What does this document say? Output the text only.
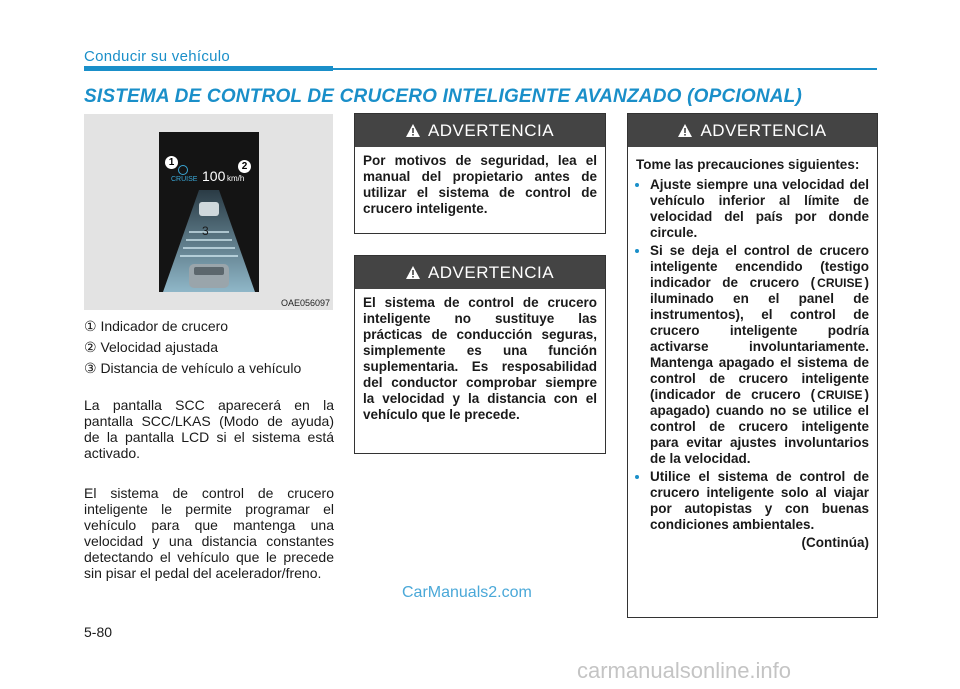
Conducir su vehículo
SISTEMA DE CONTROL DE CRUCERO INTELIGENTE AVANZADO (OPCIONAL)
CRUISE 100 km/h
1	2
3
OAE056097
① Indicador de crucero
② Velocidad ajustada
③ Distancia de vehículo a vehículo
La pantalla SCC aparecerá en la pantalla SCC/LKAS (Modo de ayuda) de la pantalla LCD si el sistema está activado.
El sistema de control de crucero inteligente le permite programar el vehículo para que mantenga una velocidad y una distancia constantes detectando el vehículo que le precede sin pisar el pedal del acelerador/freno.
ADVERTENCIA
Por motivos de seguridad, lea el manual del propietario antes de utilizar el sistema de control de crucero inteligente.
ADVERTENCIA
El sistema de control de crucero inteligente no sustituye las prácticas de conducción seguras, simplemente es una función suplementaria. Es resposabilidad del conductor comprobar siempre la velocidad y la distancia con el vehículo que le precede.
ADVERTENCIA
Tome las precauciones siguientes:
• Ajuste siempre una velocidad del vehículo inferior al límite de velocidad del país por donde circule.
• Si se deja el control de crucero inteligente encendido (testigo indicador de crucero ( CRUISE ) iluminado en el panel de instrumentos), el control de crucero inteligente podría activarse involuntariamente. Mantenga apagado el sistema de control de crucero inteligente (indicador de crucero ( CRUISE ) apagado) cuando no se utilice el control de crucero inteligente para evitar ajustes involuntarios de la velocidad.
• Utilice el sistema de control de crucero inteligente solo al viajar por autopistas y con buenas condiciones ambientales.
(Continúa)
5-80
CarManuals2.com
carmanualsonline.info
